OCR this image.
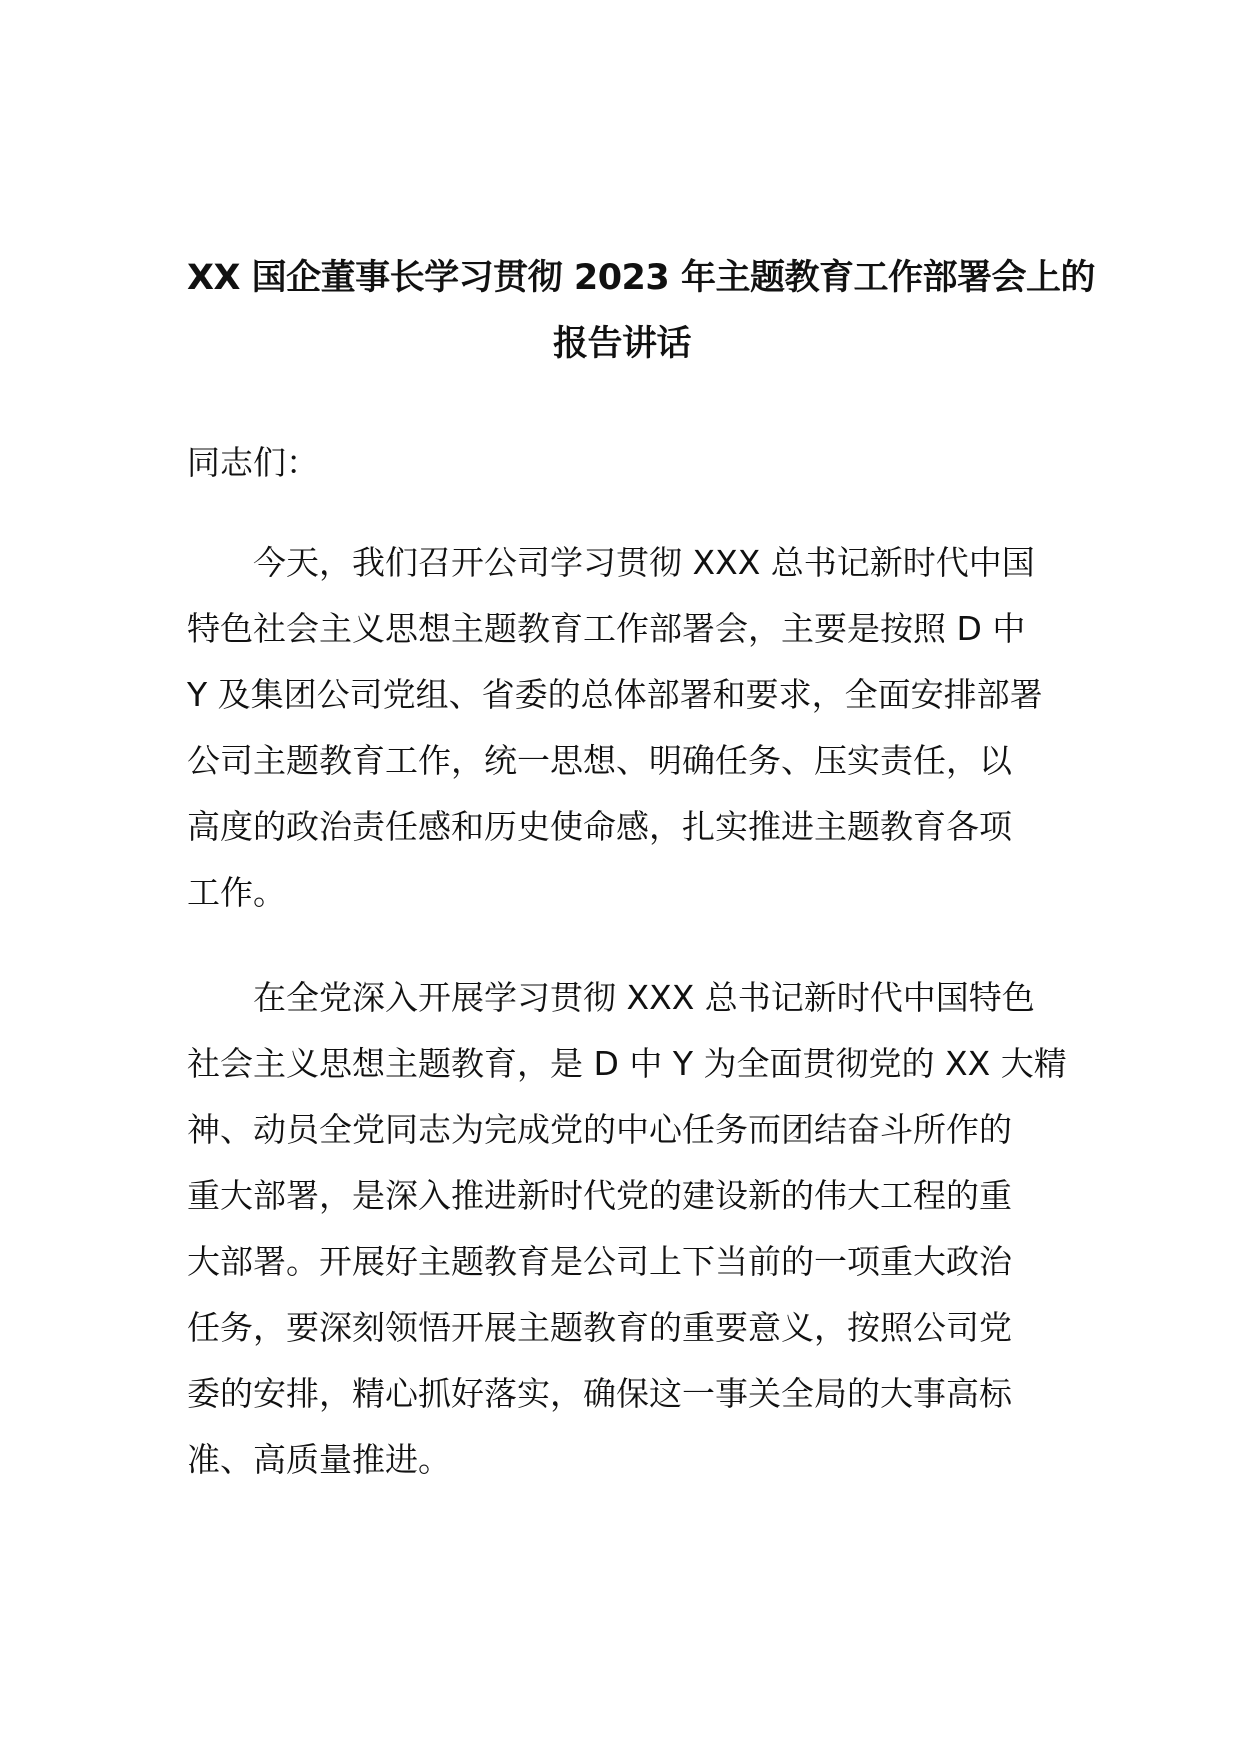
XX 国企董事长学习贯彻 2023 年主题教育工作部署会上的
报告讲话

同志们：

今天，我们召开公司学习贯彻 XXX 总书记新时代中国
特色社会主义思想主题教育工作部署会，主要是按照 D 中
Y 及集团公司党组、省委的总体部署和要求，全面安排部署
公司主题教育工作，统一思想、明确任务、压实责任，以
高度的政治责任感和历史使命感，扎实推进主题教育各项
工作。

在全党深入开展学习贯彻 XXX 总书记新时代中国特色
社会主义思想主题教育，是 D 中 Y 为全面贯彻党的 XX 大精
神、动员全党同志为完成党的中心任务而团结奋斗所作的
重大部署，是深入推进新时代党的建设新的伟大工程的重
大部署。开展好主题教育是公司上下当前的一项重大政治
任务，要深刻领悟开展主题教育的重要意义，按照公司党
委的安排，精心抓好落实，确保这一事关全局的大事高标
准、高质量推进。
